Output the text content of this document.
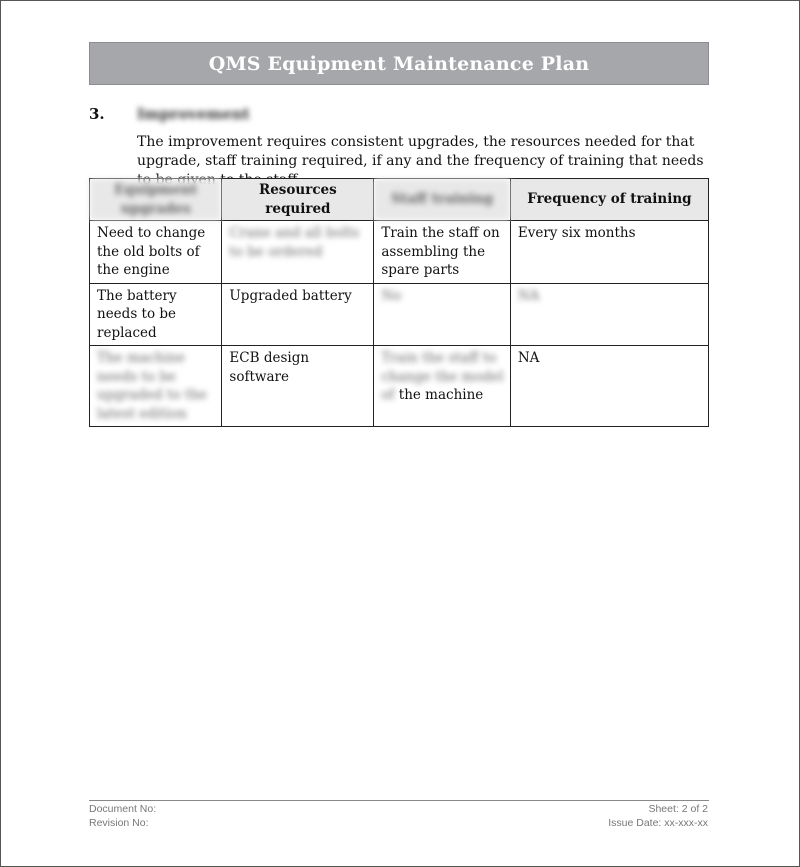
QMS Equipment Maintenance Plan
3. Improvement

The improvement requires consistent upgrades, the resources needed for that upgrade, staff training required, if any and the frequency of training that needs

Equipment upgrades	Resources required	Staff training	Frequency of training
Need to change the old bolts of the engine	Crane and all bolts to be ordered	Train the staff on assembling the spare parts	Every six months
The battery needs to be replaced	Upgraded battery	No	NA
The machine needs to be upgraded to the latest edition	ECB design software	Train the staff to change the model of the machine	NA
Document No:
Revision No:
Sheet: 2 of 2
Issue Date: xx-xxx-xx
